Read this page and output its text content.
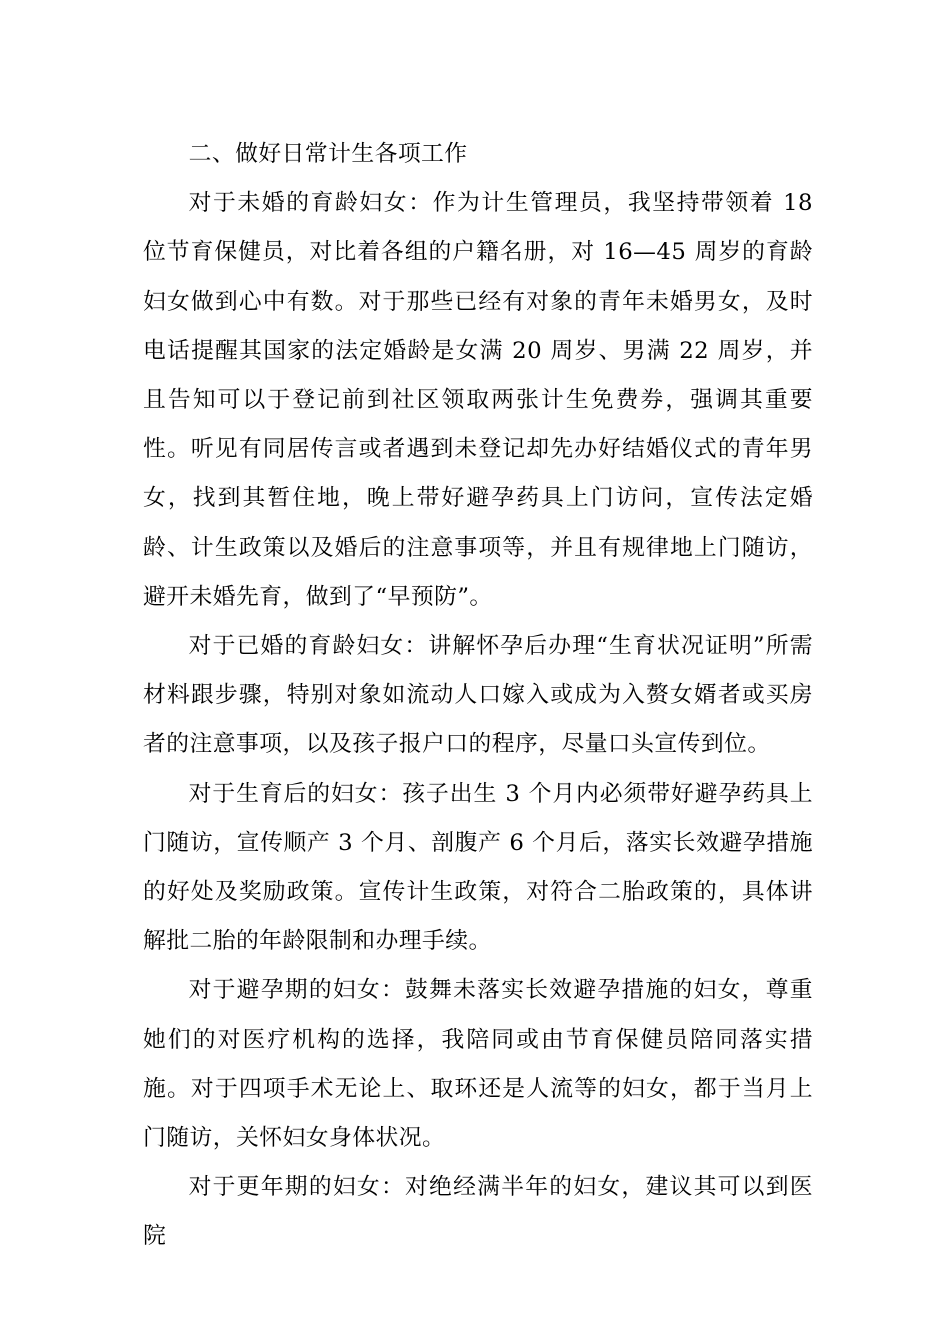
二、做好日常计生各项工作

对于未婚的育龄妇女：作为计生管理员，我坚持带领着 18 位节育保健员，对比着各组的户籍名册，对 16—45 周岁的育龄妇女做到心中有数。对于那些已经有对象的青年未婚男女，及时电话提醒其国家的法定婚龄是女满 20 周岁、男满 22 周岁，并且告知可以于登记前到社区领取两张计生免费券，强调其重要性。听见有同居传言或者遇到未登记却先办好结婚仪式的青年男女，找到其暂住地，晚上带好避孕药具上门访问，宣传法定婚龄、计生政策以及婚后的注意事项等，并且有规律地上门随访，避开未婚先育，做到了“早预防”。

对于已婚的育龄妇女：讲解怀孕后办理“生育状况证明”所需材料跟步骤，特别对象如流动人口嫁入或成为入赘女婿者或买房者的注意事项，以及孩子报户口的程序，尽量口头宣传到位。

对于生育后的妇女：孩子出生 3 个月内必须带好避孕药具上门随访，宣传顺产 3 个月、剖腹产 6 个月后，落实长效避孕措施的好处及奖励政策。宣传计生政策，对符合二胎政策的，具体讲解批二胎的年龄限制和办理手续。

对于避孕期的妇女：鼓舞未落实长效避孕措施的妇女，尊重她们的对医疗机构的选择，我陪同或由节育保健员陪同落实措施。对于四项手术无论上、取环还是人流等的妇女，都于当月上门随访，关怀妇女身体状况。

对于更年期的妇女：对绝经满半年的妇女，建议其可以到医院
